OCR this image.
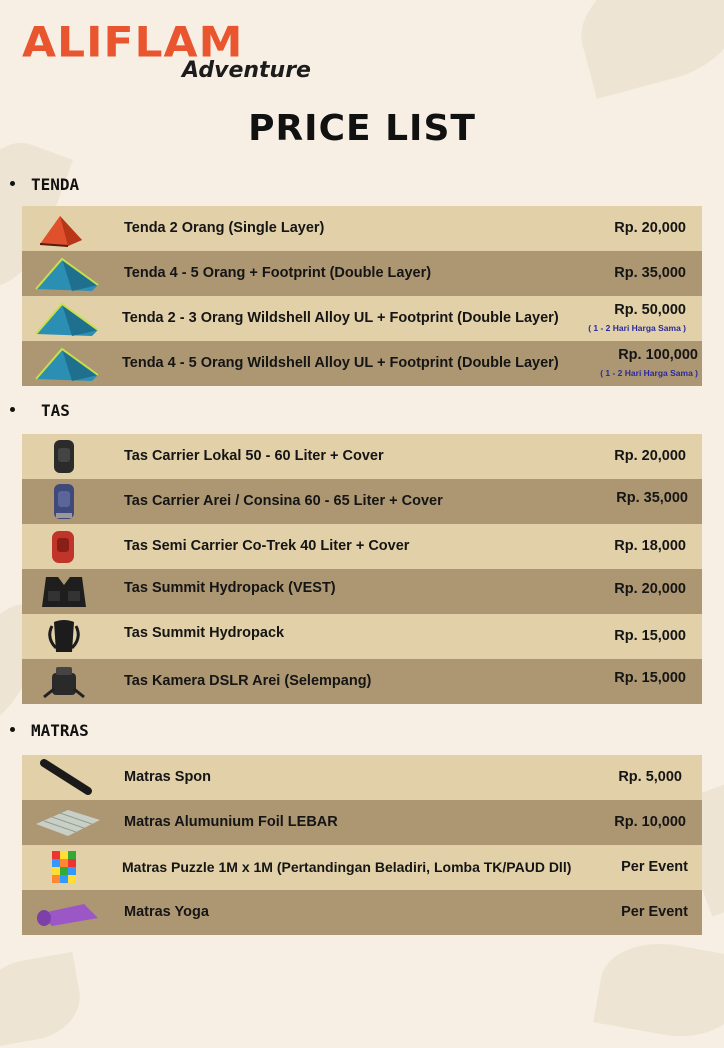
ALIFLAM
Adventure
PRICE LIST
TENDA
Tenda 2 Orang (Single Layer)	Rp. 20,000
Tenda 4 - 5 Orang + Footprint (Double Layer)	Rp. 35,000
Tenda 2 - 3 Orang Wildshell Alloy UL + Footprint (Double Layer)	Rp. 50,000
( 1 - 2 Hari Harga Sama )
Tenda 4 - 5 Orang Wildshell Alloy UL + Footprint (Double Layer)	Rp. 100,000
( 1 - 2 Hari Harga Sama )
TAS
Tas Carrier Lokal 50 - 60 Liter + Cover	Rp. 20,000
Tas Carrier Arei / Consina 60 - 65 Liter + Cover	Rp. 35,000
Tas Semi Carrier Co-Trek 40 Liter + Cover	Rp. 18,000
Tas Summit Hydropack (VEST)	Rp. 20,000
Tas Summit Hydropack	Rp. 15,000
Tas Kamera DSLR Arei (Selempang)	Rp. 15,000
MATRAS
Matras Spon	Rp. 5,000
Matras Alumunium Foil LEBAR	Rp. 10,000
Matras Puzzle 1M x 1M (Pertandingan Beladiri, Lomba TK/PAUD Dll)	Per Event
Matras Yoga	Per Event
